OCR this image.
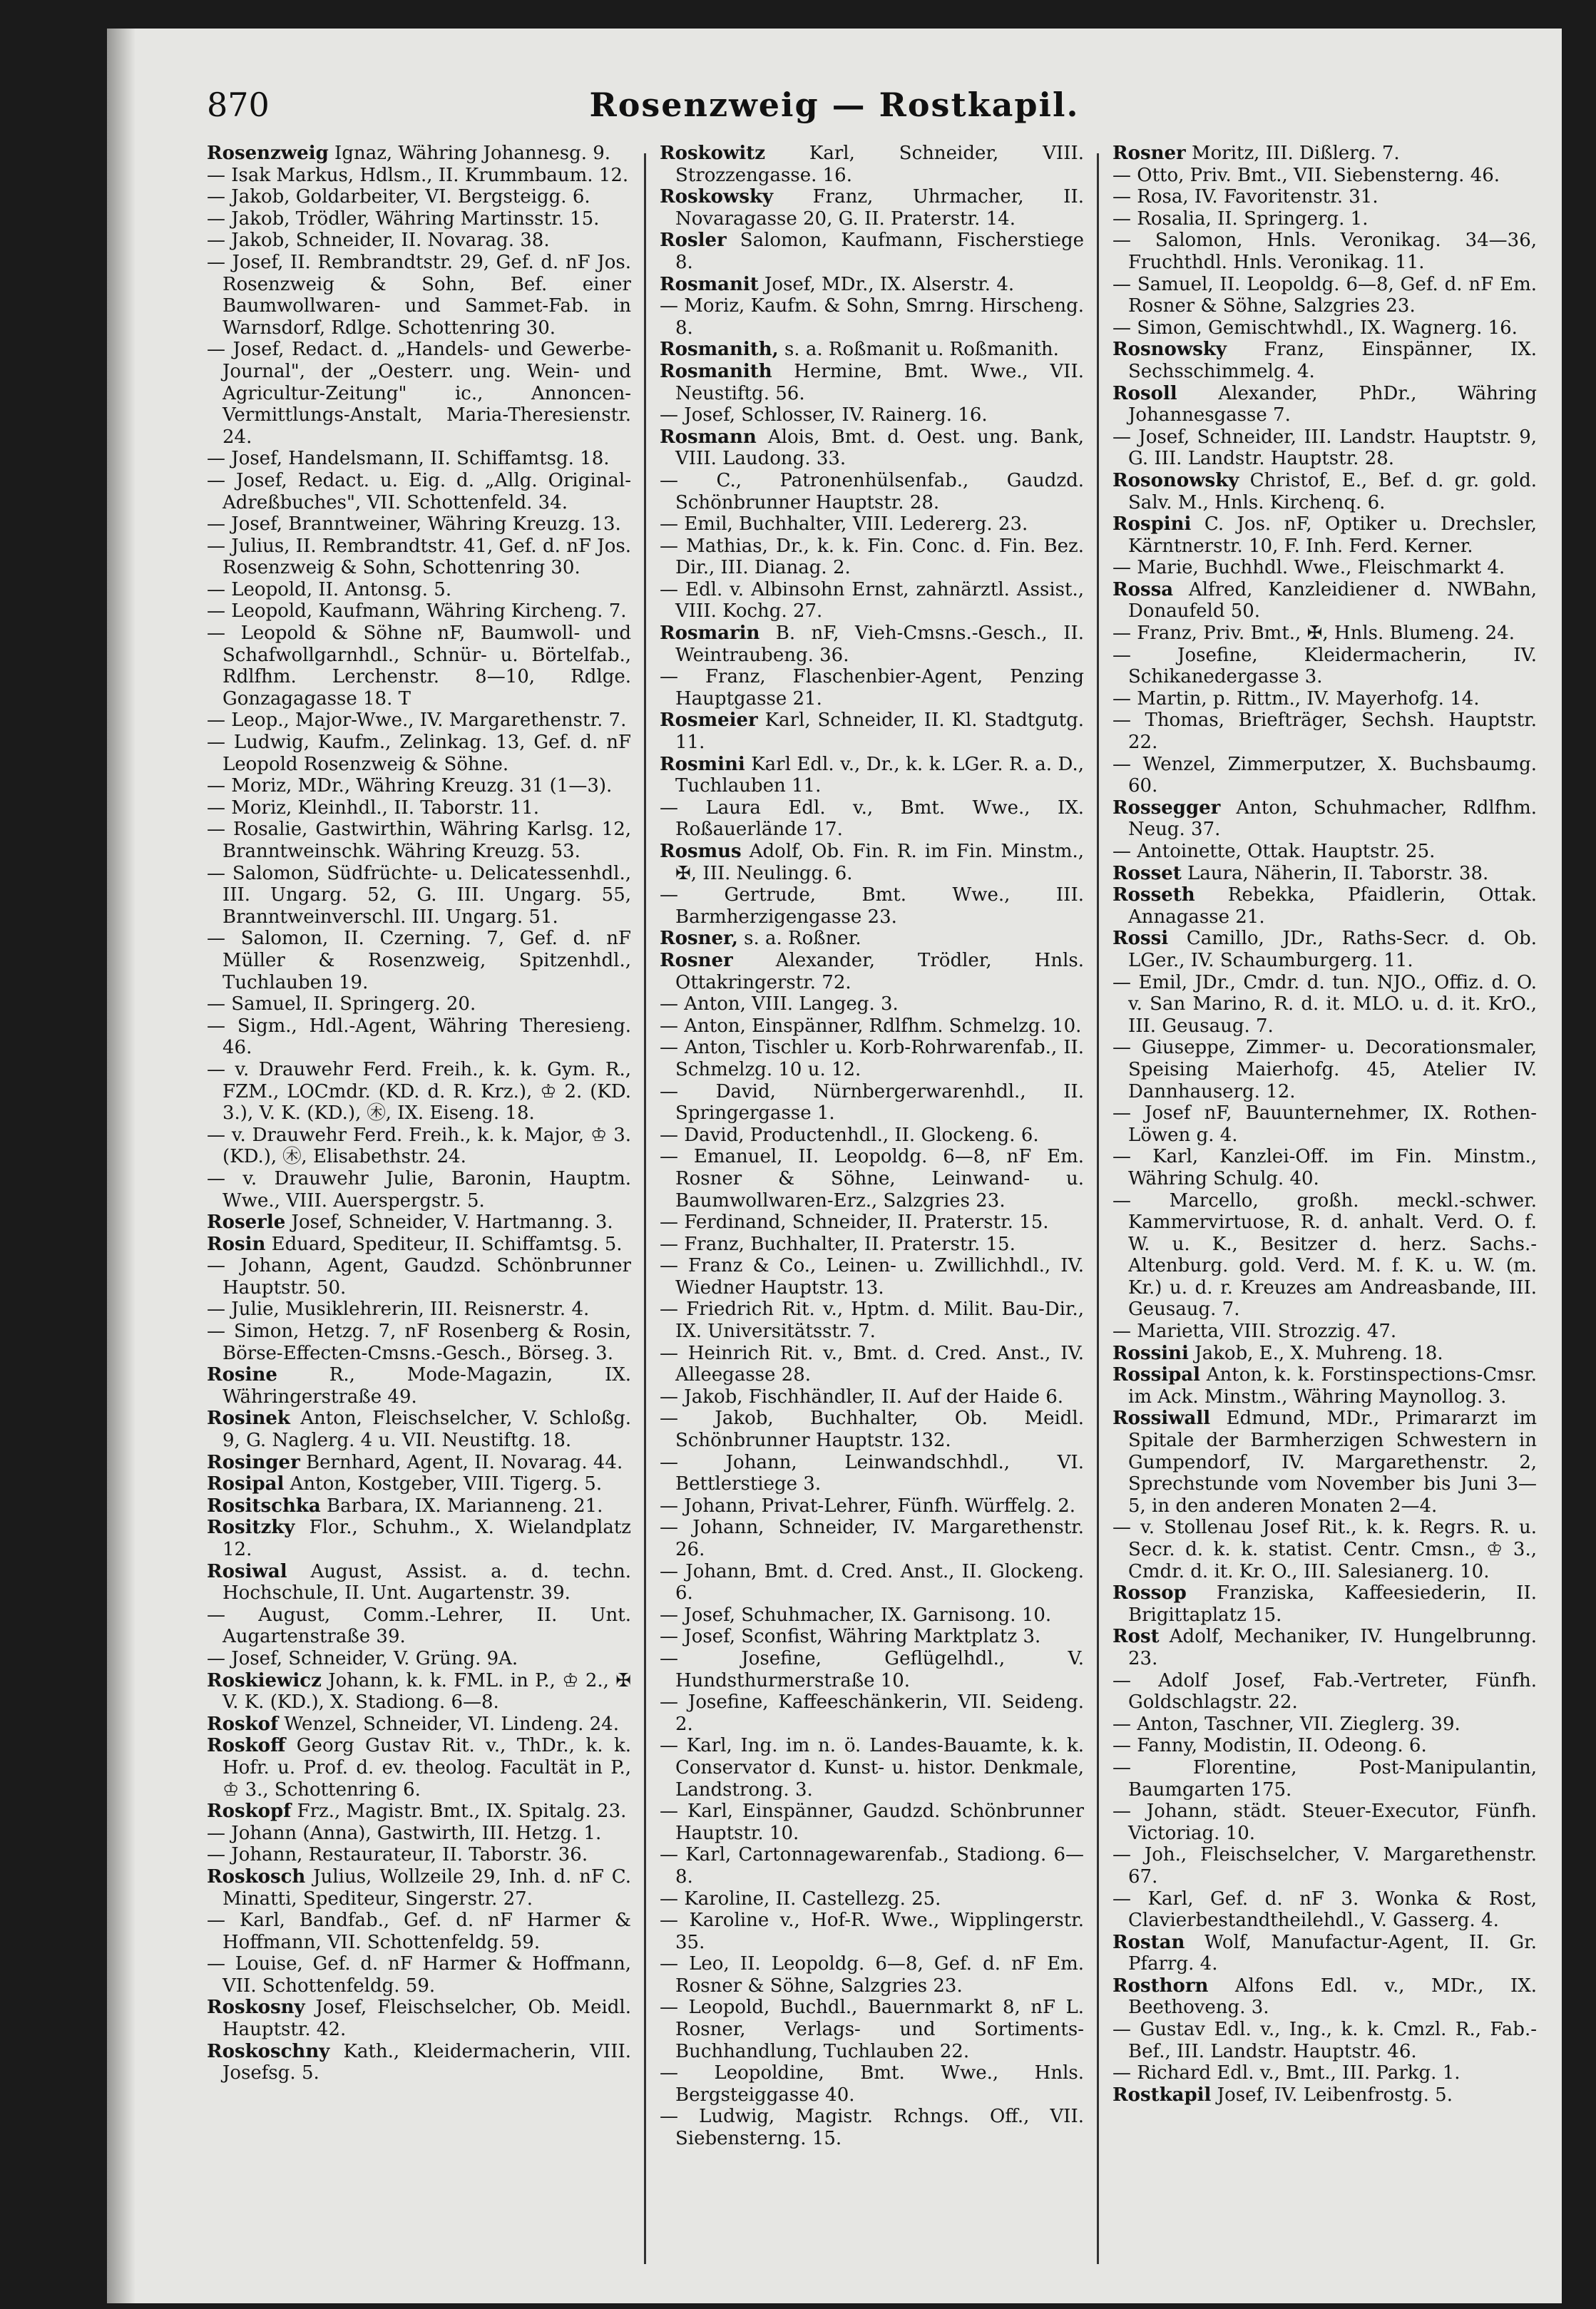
870	Rosenzweig — Rostkapil.

Rosenzweig Ignaz, Währing Johannesg. 9.

— Isak Markus, Hdlsm., II. Krummbaum. 12.

— Jakob, Goldarbeiter, VI. Bergsteigg. 6.

— Jakob, Trödler, Währing Martinsstr. 15.

— Jakob, Schneider, II. Novarag. 38.

— Josef, II. Rembrandtstr. 29, Gef. d. nF Jos. Rosenzweig & Sohn, Bef. einer Baumwollwaren- und Sammet-Fab. in Warnsdorf, Rdlge. Schottenring 30.

— Josef, Redact. d. „Handels- und Gewerbe-Journal", der „Oesterr. ung. Wein- und Agricultur-Zeitung" ic., Annoncen-Vermittlungs-Anstalt, Maria-Theresienstr. 24.

— Josef, Handelsmann, II. Schiffamtsg. 18.

— Josef, Redact. u. Eig. d. „Allg. Original-Adreßbuches", VII. Schottenfeld. 34.

— Josef, Branntweiner, Währing Kreuzg. 13.

— Julius, II. Rembrandtstr. 41, Gef. d. nF Jos. Rosenzweig & Sohn, Schottenring 30.

— Leopold, II. Antonsg. 5.

— Leopold, Kaufmann, Währing Kircheng. 7.

— Leopold & Söhne nF, Baumwoll- und Schafwollgarnhdl., Schnür- u. Börtelfab., Rdlfhm. Lerchenstr. 8—10, Rdlge. Gonzagagasse 18. T

— Leop., Major-Wwe., IV. Margarethenstr. 7.

— Ludwig, Kaufm., Zelinkag. 13, Gef. d. nF Leopold Rosenzweig & Söhne.

— Moriz, MDr., Währing Kreuzg. 31 (1—3).

— Moriz, Kleinhdl., II. Taborstr. 11.

— Rosalie, Gastwirthin, Währing Karlsg. 12, Branntweinschk. Währing Kreuzg. 53.

— Salomon, Südfrüchte- u. Delicatessenhdl., III. Ungarg. 52, G. III. Ungarg. 55, Branntweinverschl. III. Ungarg. 51.

— Salomon, II. Czerning. 7, Gef. d. nF Müller & Rosenzweig, Spitzenhdl., Tuchlauben 19.

— Samuel, II. Springerg. 20.

— Sigm., Hdl.-Agent, Währing Theresieng. 46.

— v. Drauwehr Ferd. Freih., k. k. Gym. R., FZM., LOCmdr. (KD. d. R. Krz.), ♔ 2. (KD. 3.), V. K. (KD.), ㊍, IX. Eiseng. 18.

— v. Drauwehr Ferd. Freih., k. k. Major, ♔ 3. (KD.), ㊍, Elisabethstr. 24.

— v. Drauwehr Julie, Baronin, Hauptm. Wwe., VIII. Auerspergstr. 5.

Roserle Josef, Schneider, V. Hartmanng. 3.

Rosin Eduard, Spediteur, II. Schiffamtsg. 5.

— Johann, Agent, Gaudzd. Schönbrunner Hauptstr. 50.

— Julie, Musiklehrerin, III. Reisnerstr. 4.

— Simon, Hetzg. 7, nF Rosenberg & Rosin, Börse-Effecten-Cmsns.-Gesch., Börseg. 3.

Rosine R., Mode-Magazin, IX. Währingerstraße 49.

Rosinek Anton, Fleischselcher, V. Schloßg. 9, G. Naglerg. 4 u. VII. Neustiftg. 18.

Rosinger Bernhard, Agent, II. Novarag. 44.

Rosipal Anton, Kostgeber, VIII. Tigerg. 5.

Rositschka Barbara, IX. Marianneng. 21.

Rositzky Flor., Schuhm., X. Wielandplatz 12.

Rosiwal August, Assist. a. d. techn. Hochschule, II. Unt. Augartenstr. 39.

— August, Comm.-Lehrer, II. Unt. Augartenstraße 39.

— Josef, Schneider, V. Grüng. 9A.

Roskiewicz Johann, k. k. FML. in P., ♔ 2., ✠ V. K. (KD.), X. Stadiong. 6—8.

Roskof Wenzel, Schneider, VI. Lindeng. 24.

Roskoff Georg Gustav Rit. v., ThDr., k. k. Hofr. u. Prof. d. ev. theolog. Facultät in P., ♔ 3., Schottenring 6.

Roskopf Frz., Magistr. Bmt., IX. Spitalg. 23.

— Johann (Anna), Gastwirth, III. Hetzg. 1.

— Johann, Restaurateur, II. Taborstr. 36.

Roskosch Julius, Wollzeile 29, Inh. d. nF C. Minatti, Spediteur, Singerstr. 27.

— Karl, Bandfab., Gef. d. nF Harmer & Hoffmann, VII. Schottenfeldg. 59.

— Louise, Gef. d. nF Harmer & Hoffmann, VII. Schottenfeldg. 59.

Roskosny Josef, Fleischselcher, Ob. Meidl. Hauptstr. 42.

Roskoschny Kath., Kleidermacherin, VIII. Josefsg. 5.

Roskowitz Karl, Schneider, VIII. Strozzengasse. 16.

Roskowsky Franz, Uhrmacher, II. Novaragasse 20, G. II. Praterstr. 14.

Rosler Salomon, Kaufmann, Fischerstiege 8.

Rosmanit Josef, MDr., IX. Alserstr. 4.

— Moriz, Kaufm. & Sohn, Smrng. Hirscheng. 8.

Rosmanith, s. a. Roßmanit u. Roßmanith.

Rosmanith Hermine, Bmt. Wwe., VII. Neustiftg. 56.

— Josef, Schlosser, IV. Rainerg. 16.

Rosmann Alois, Bmt. d. Oest. ung. Bank, VIII. Laudong. 33.

— C., Patronenhülsenfab., Gaudzd. Schönbrunner Hauptstr. 28.

— Emil, Buchhalter, VIII. Ledererg. 23.

— Mathias, Dr., k. k. Fin. Conc. d. Fin. Bez. Dir., III. Dianag. 2.

— Edl. v. Albinsohn Ernst, zahnärztl. Assist., VIII. Kochg. 27.

Rosmarin B. nF, Vieh-Cmsns.-Gesch., II. Weintraubeng. 36.

— Franz, Flaschenbier-Agent, Penzing Hauptgasse 21.

Rosmeier Karl, Schneider, II. Kl. Stadtgutg. 11.

Rosmini Karl Edl. v., Dr., k. k. LGer. R. a. D., Tuchlauben 11.

— Laura Edl. v., Bmt. Wwe., IX. Roßauerlände 17.

Rosmus Adolf, Ob. Fin. R. im Fin. Minstm., ✠, III. Neulingg. 6.

— Gertrude, Bmt. Wwe., III. Barmherzigengasse 23.

Rosner, s. a. Roßner.

Rosner Alexander, Trödler, Hnls. Ottakringerstr. 72.

— Anton, VIII. Langeg. 3.

— Anton, Einspänner, Rdlfhm. Schmelzg. 10.

— Anton, Tischler u. Korb-Rohrwarenfab., II. Schmelzg. 10 u. 12.

— David, Nürnbergerwarenhdl., II. Springergasse 1.

— David, Productenhdl., II. Glockeng. 6.

— Emanuel, II. Leopoldg. 6—8, nF Em. Rosner & Söhne, Leinwand- u. Baumwollwaren-Erz., Salzgries 23.

— Ferdinand, Schneider, II. Praterstr. 15.

— Franz, Buchhalter, II. Praterstr. 15.

— Franz & Co., Leinen- u. Zwillichhdl., IV. Wiedner Hauptstr. 13.

— Friedrich Rit. v., Hptm. d. Milit. Bau-Dir., IX. Universitätsstr. 7.

— Heinrich Rit. v., Bmt. d. Cred. Anst., IV. Alleegasse 28.

— Jakob, Fischhändler, II. Auf der Haide 6.

— Jakob, Buchhalter, Ob. Meidl. Schönbrunner Hauptstr. 132.

— Johann, Leinwandschhdl., VI. Bettlerstiege 3.

— Johann, Privat-Lehrer, Fünfh. Würffelg. 2.

— Johann, Schneider, IV. Margarethenstr. 26.

— Johann, Bmt. d. Cred. Anst., II. Glockeng. 6.

— Josef, Schuhmacher, IX. Garnisong. 10.

— Josef, Sconfist, Währing Marktplatz 3.

— Josefine, Geflügelhdl., V. Hundsthurmerstraße 10.

— Josefine, Kaffeeschänkerin, VII. Seideng. 2.

— Karl, Ing. im n. ö. Landes-Bauamte, k. k. Conservator d. Kunst- u. histor. Denkmale, Landstrong. 3.

— Karl, Einspänner, Gaudzd. Schönbrunner Hauptstr. 10.

— Karl, Cartonnagewarenfab., Stadiong. 6—8.

— Karoline, II. Castellezg. 25.

— Karoline v., Hof-R. Wwe., Wipplingerstr. 35.

— Leo, II. Leopoldg. 6—8, Gef. d. nF Em. Rosner & Söhne, Salzgries 23.

— Leopold, Buchdl., Bauernmarkt 8, nF L. Rosner, Verlags- und Sortiments-Buchhandlung, Tuchlauben 22.

— Leopoldine, Bmt. Wwe., Hnls. Bergsteiggasse 40.

— Ludwig, Magistr. Rchngs. Off., VII. Siebensterng. 15.

Rosner Moritz, III. Dißlerg. 7.

— Otto, Priv. Bmt., VII. Siebensterng. 46.

— Rosa, IV. Favoritenstr. 31.

— Rosalia, II. Springerg. 1.

— Salomon, Hnls. Veronikag. 34—36, Fruchthdl. Hnls. Veronikag. 11.

— Samuel, II. Leopoldg. 6—8, Gef. d. nF Em. Rosner & Söhne, Salzgries 23.

— Simon, Gemischtwhdl., IX. Wagnerg. 16.

Rosnowsky Franz, Einspänner, IX. Sechsschimmelg. 4.

Rosoll Alexander, PhDr., Währing Johannesgasse 7.

— Josef, Schneider, III. Landstr. Hauptstr. 9, G. III. Landstr. Hauptstr. 28.

Rosonowsky Christof, E., Bef. d. gr. gold. Salv. M., Hnls. Kirchenq. 6.

Rospini C. Jos. nF, Optiker u. Drechsler, Kärntnerstr. 10, F. Inh. Ferd. Kerner.

— Marie, Buchhdl. Wwe., Fleischmarkt 4.

Rossa Alfred, Kanzleidiener d. NWBahn, Donaufeld 50.

— Franz, Priv. Bmt., ✠, Hnls. Blumeng. 24.

— Josefine, Kleidermacherin, IV. Schikanedergasse 3.

— Martin, p. Rittm., IV. Mayerhofg. 14.

— Thomas, Briefträger, Sechsh. Hauptstr. 22.

— Wenzel, Zimmerputzer, X. Buchsbaumg. 60.

Rossegger Anton, Schuhmacher, Rdlfhm. Neug. 37.

— Antoinette, Ottak. Hauptstr. 25.

Rosset Laura, Näherin, II. Taborstr. 38.

Rosseth Rebekka, Pfaidlerin, Ottak. Annagasse 21.

Rossi Camillo, JDr., Raths-Secr. d. Ob. LGer., IV. Schaumburgerg. 11.

— Emil, JDr., Cmdr. d. tun. NJO., Offiz. d. O. v. San Marino, R. d. it. MLO. u. d. it. KrO., III. Geusaug. 7.

— Giuseppe, Zimmer- u. Decorationsmaler, Speising Maierhofg. 45, Atelier IV. Dannhauserg. 12.

— Josef nF, Bauunternehmer, IX. Rothen-Löwen g. 4.

— Karl, Kanzlei-Off. im Fin. Minstm., Währing Schulg. 40.

— Marcello, großh. meckl.-schwer. Kammervirtuose, R. d. anhalt. Verd. O. f. W. u. K., Besitzer d. herz. Sachs.-Altenburg. gold. Verd. M. f. K. u. W. (m. Kr.) u. d. r. Kreuzes am Andreasbande, III. Geusaug. 7.

— Marietta, VIII. Strozzig. 47.

Rossini Jakob, E., X. Muhreng. 18.

Rossipal Anton, k. k. Forstinspections-Cmsr. im Ack. Minstm., Währing Maynollog. 3.

Rossiwall Edmund, MDr., Primararzt im Spitale der Barmherzigen Schwestern in Gumpendorf, IV. Margarethenstr. 2, Sprechstunde vom November bis Juni 3—5, in den anderen Monaten 2—4.

— v. Stollenau Josef Rit., k. k. Regrs. R. u. Secr. d. k. k. statist. Centr. Cmsn., ♔ 3., Cmdr. d. it. Kr. O., III. Salesianerg. 10.

Rossop Franziska, Kaffeesiederin, II. Brigittaplatz 15.

Rost Adolf, Mechaniker, IV. Hungelbrunng. 23.

— Adolf Josef, Fab.-Vertreter, Fünfh. Goldschlagstr. 22.

— Anton, Taschner, VII. Zieglerg. 39.

— Fanny, Modistin, II. Odeong. 6.

— Florentine, Post-Manipulantin, Baumgarten 175.

— Johann, städt. Steuer-Executor, Fünfh. Victoriag. 10.

— Joh., Fleischselcher, V. Margarethenstr. 67.

— Karl, Gef. d. nF 3. Wonka & Rost, Clavierbestandtheilehdl., V. Gasserg. 4.

Rostan Wolf, Manufactur-Agent, II. Gr. Pfarrg. 4.

Rosthorn Alfons Edl. v., MDr., IX. Beethoveng. 3.

— Gustav Edl. v., Ing., k. k. Cmzl. R., Fab.-Bef., III. Landstr. Hauptstr. 46.

— Richard Edl. v., Bmt., III. Parkg. 1.

Rostkapil Josef, IV. Leibenfrostg. 5.
